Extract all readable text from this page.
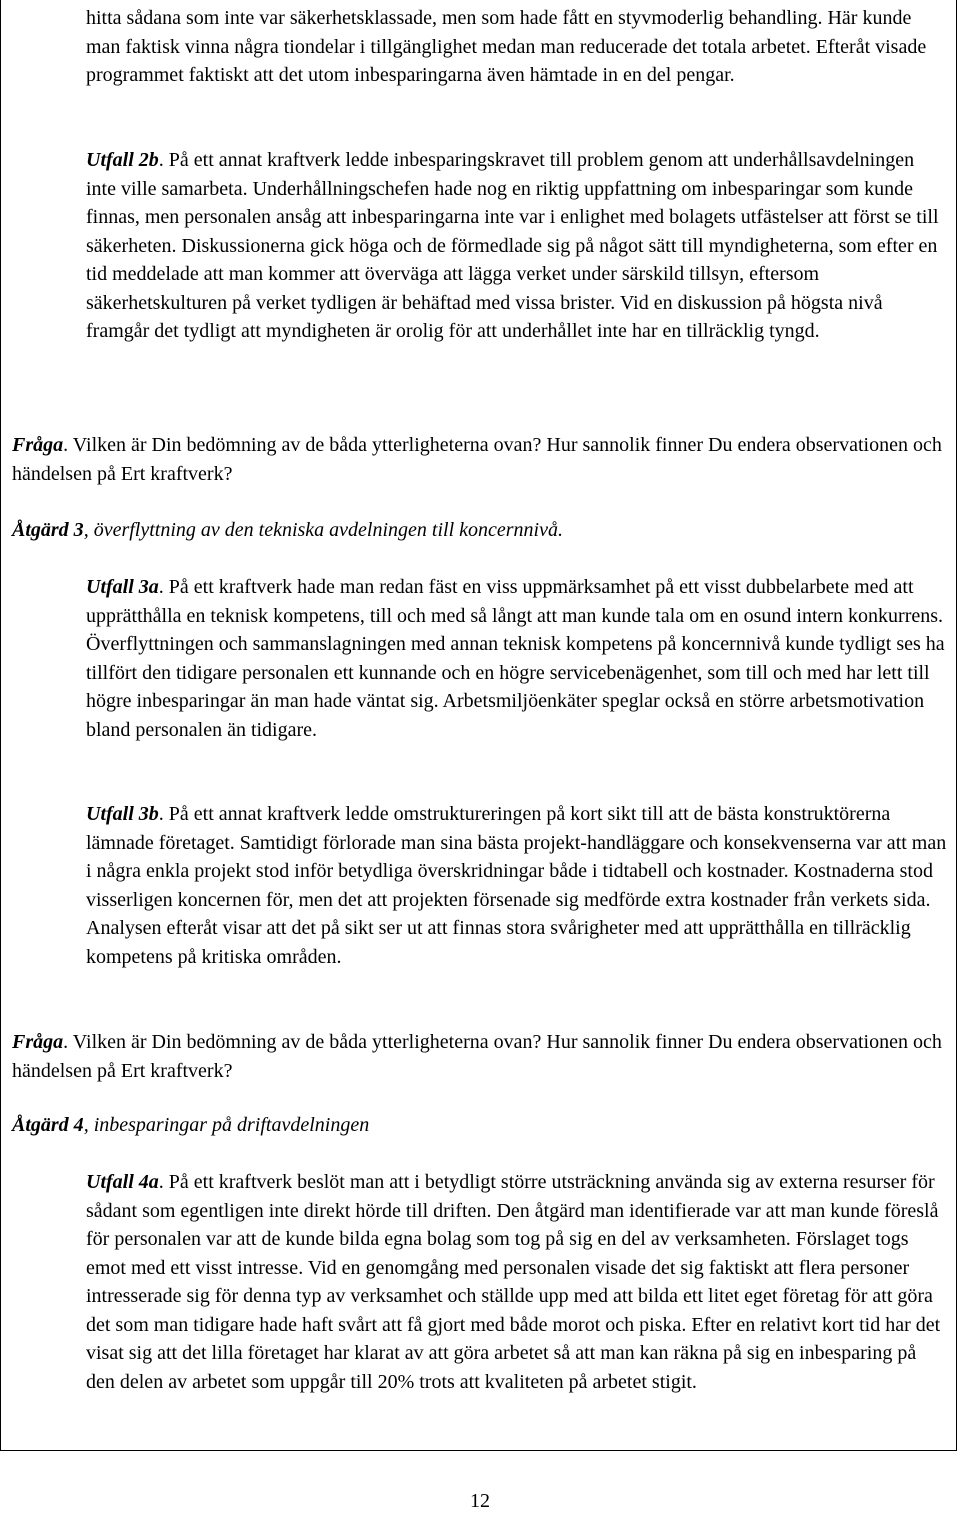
hitta sådana som inte var säkerhetsklassade, men som hade fått en styvmoderlig behandling. Här kunde man faktisk vinna några tiondelar i tillgänglighet medan man reducerade det totala arbetet. Efteråt visade programmet faktiskt att det utom inbesparingarna även hämtade in en del pengar.

Utfall 2b. På ett annat kraftverk ledde inbesparingskravet till problem genom att underhållsavdelningen inte ville samarbeta. Underhållningschefen hade nog en riktig uppfattning om inbesparingar som kunde finnas, men personalen ansåg att inbesparingarna inte var i enlighet med bolagets utfästelser att först se till säkerheten. Diskussionerna gick höga och de förmedlade sig på något sätt till myndigheterna, som efter en tid meddelade att man kommer att överväga att lägga verket under särskild tillsyn, eftersom säkerhetskulturen på verket tydligen är behäftad med vissa brister. Vid en diskussion på högsta nivå framgår det tydligt att myndigheten är orolig för att underhållet inte har en tillräcklig tyngd.

Fråga. Vilken är Din bedömning av de båda ytterligheterna ovan? Hur sannolik finner Du endera observationen och händelsen på Ert kraftverk?

Åtgärd 3, överflyttning av den tekniska avdelningen till koncernnivå.

Utfall 3a. På ett kraftverk hade man redan fäst en viss uppmärksamhet på ett visst dubbelarbete med att upprätthålla en teknisk kompetens, till och med så långt att man kunde tala om en osund intern konkurrens. Överflyttningen och sammanslagningen med annan teknisk kompetens på koncernnivå kunde tydligt ses ha tillfört den tidigare personalen ett kunnande och en högre servicebenägenhet, som till och med har lett till högre inbesparingar än man hade väntat sig. Arbetsmiljöenkäter speglar också en större arbetsmotivation bland personalen än tidigare.

Utfall 3b. På ett annat kraftverk ledde omstruktureringen på kort sikt till att de bästa konstruktörerna lämnade företaget. Samtidigt förlorade man sina bästa projekt-handläggare och konsekvenserna var att man i några enkla projekt stod inför betydliga överskridningar både i tidtabell och kostnader. Kostnaderna stod visserligen koncernen för, men det att projekten försenade sig medförde extra kostnader från verkets sida. Analysen efteråt visar att det på sikt ser ut att finnas stora svårigheter med att upprätthålla en tillräcklig kompetens på kritiska områden.

Fråga. Vilken är Din bedömning av de båda ytterligheterna ovan? Hur sannolik finner Du endera observationen och händelsen på Ert kraftverk?

Åtgärd 4, inbesparingar på driftavdelningen

Utfall 4a. På ett kraftverk beslöt man att i betydligt större utsträckning använda sig av externa resurser för sådant som egentligen inte direkt hörde till driften. Den åtgärd man identifierade var att man kunde föreslå för personalen var att de kunde bilda egna bolag som tog på sig en del av verksamheten. Förslaget togs emot med ett visst intresse. Vid en genomgång med personalen visade det sig faktiskt att flera personer intresserade sig för denna typ av verksamhet och ställde upp med att bilda ett litet eget företag för att göra det som man tidigare hade haft svårt att få gjort med både morot och piska. Efter en relativt kort tid har det visat sig att det lilla företaget har klarat av att göra arbetet så att man kan räkna på sig en inbesparing på den delen av arbetet som uppgår till 20% trots att kvaliteten på arbetet stigit.

12
